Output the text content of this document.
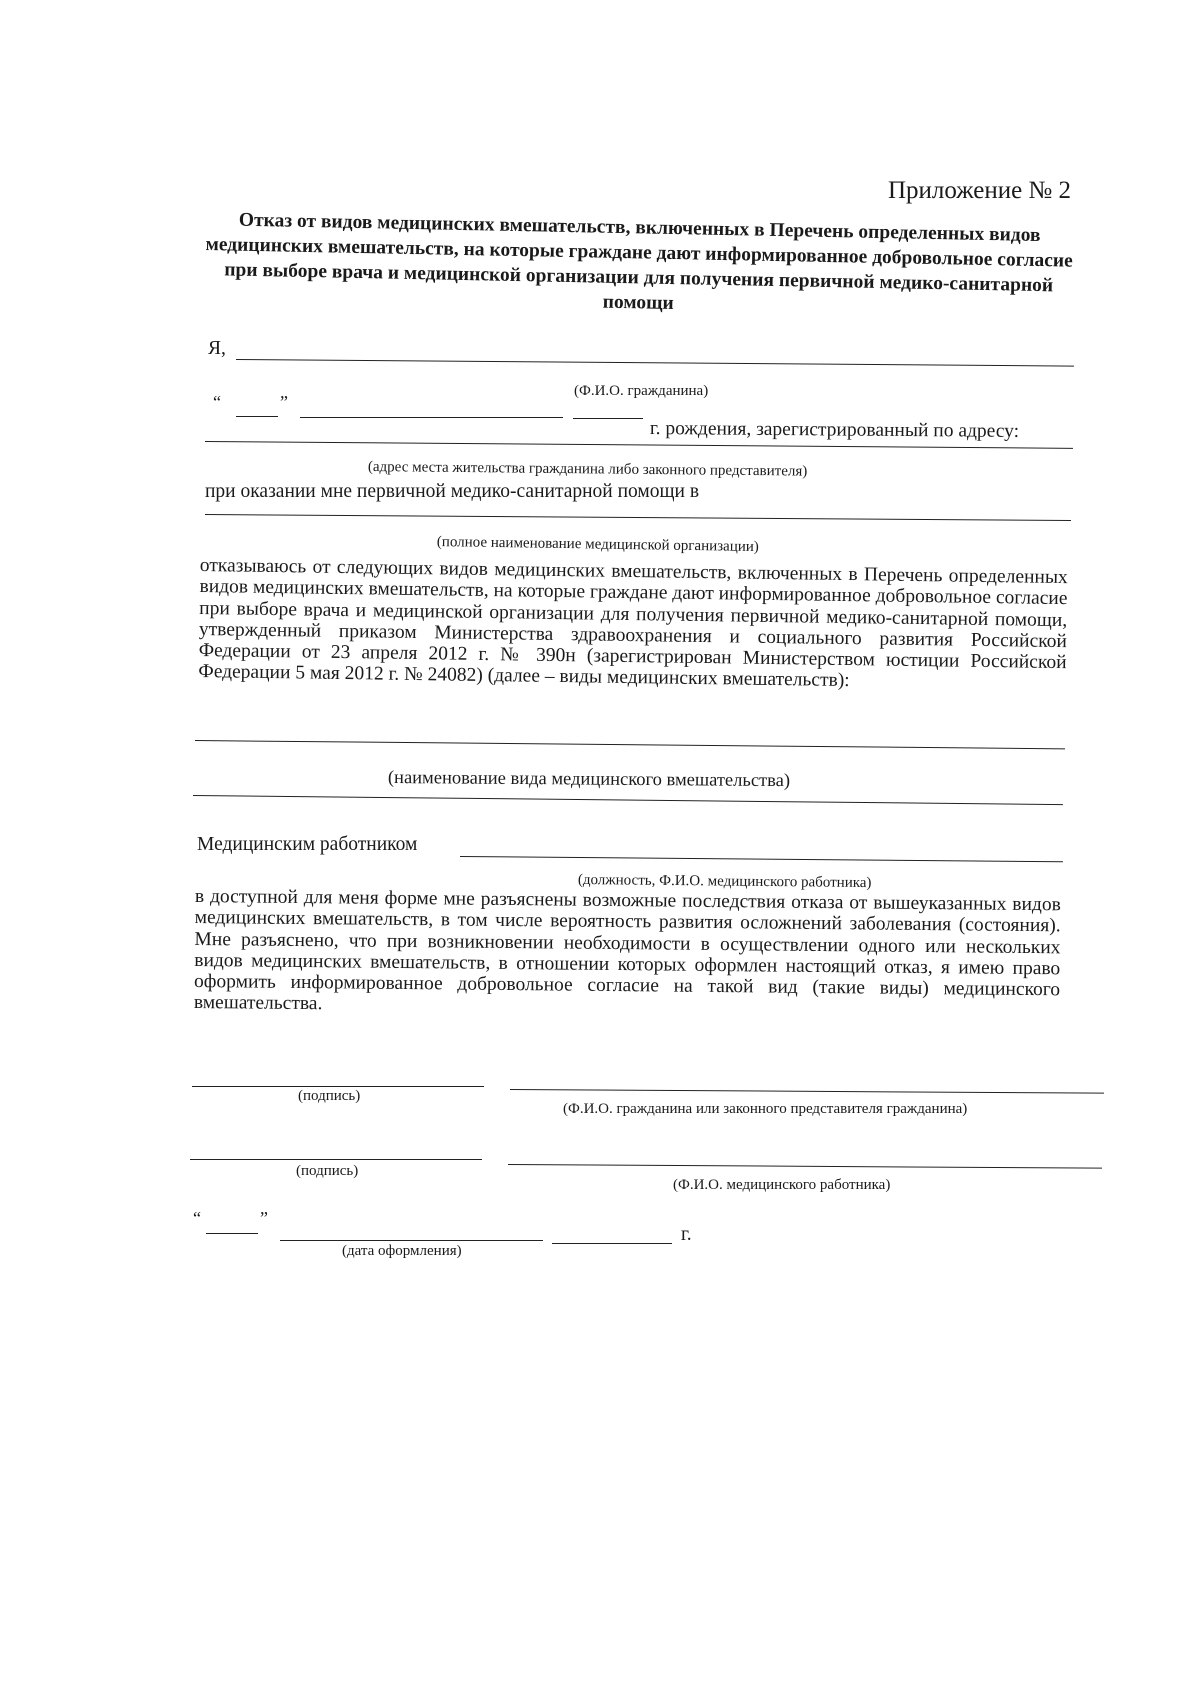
Приложение № 2
Отказ от видов медицинских вмешательств, включенных в Перечень определенных видов медицинских вмешательств, на которые граждане дают информированное добровольное согласие при выборе врача и медицинской организации для получения первичной медико-санитарной помощи
Я,
(Ф.И.О. гражданина)
“	”
г. рождения, зарегистрированный по адресу:
(адрес места жительства гражданина либо законного представителя)
при оказании мне первичной медико-санитарной помощи в
(полное наименование медицинской организации)
отказываюсь от следующих видов медицинских вмешательств, включенных в Перечень определенных видов медицинских вмешательств, на которые граждане дают информированное добровольное согласие при выборе врача и медицинской организации для получения первичной медико-санитарной помощи, утвержденный приказом Министерства здравоохранения и социального развития Российской Федерации от 23 апреля 2012 г. № 390н (зарегистрирован Министерством юстиции Российской Федерации 5 мая 2012 г. № 24082) (далее – виды медицинских вмешательств):
(наименование вида медицинского вмешательства)
Медицинским работником
(должность, Ф.И.О. медицинского работника)
в доступной для меня форме мне разъяснены возможные последствия отказа от вышеуказанных видов медицинских вмешательств, в том числе вероятность развития осложнений заболевания (состояния). Мне разъяснено, что при возникновении необходимости в осуществлении одного или нескольких видов медицинских вмешательств, в отношении которых оформлен настоящий отказ, я имею право оформить информированное добровольное согласие на такой вид (такие виды) медицинского вмешательства.
(подпись)
(Ф.И.О. гражданина или законного представителя гражданина)
(подпись)
(Ф.И.О. медицинского работника)
“	”
г.
(дата оформления)
